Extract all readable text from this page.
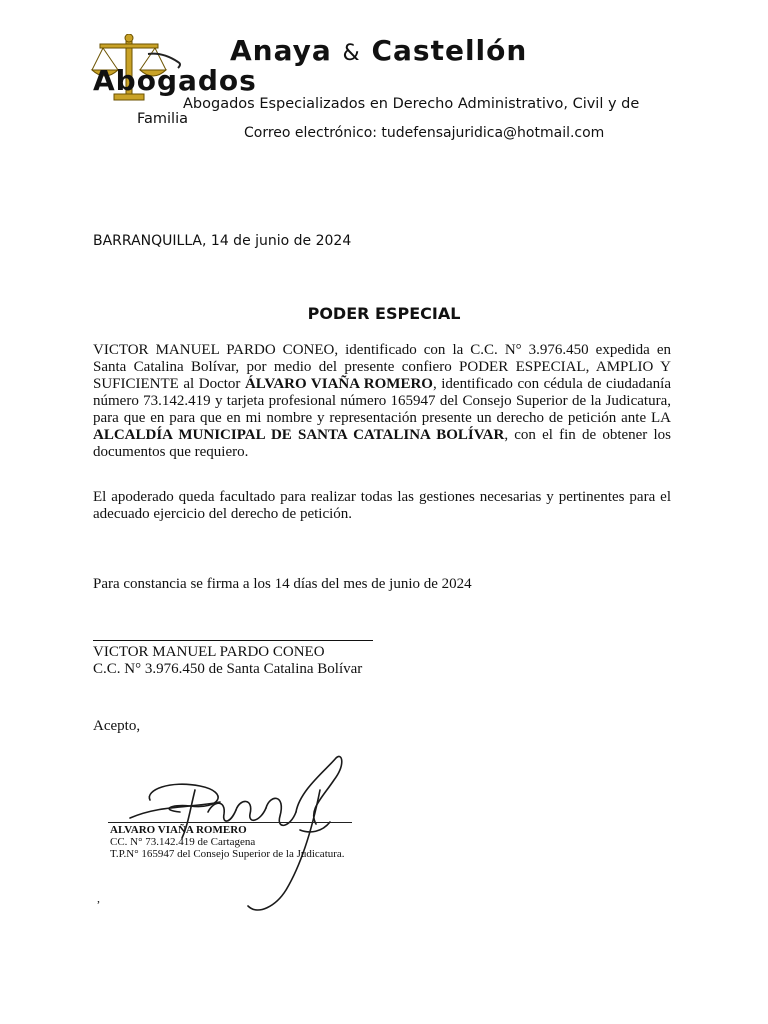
Anaya & Castellón
Abogados
Abogados Especializados en Derecho Administrativo, Civil y de
Familia
Correo electrónico: tudefensajuridica@hotmail.com
BARRANQUILLA, 14 de junio de 2024
PODER ESPECIAL
VICTOR MANUEL PARDO CONEO, identificado con la C.C. N° 3.976.450 expedida en Santa Catalina Bolívar, por medio del presente confiero PODER ESPECIAL, AMPLIO Y SUFICIENTE al Doctor ÁLVARO VIAÑA ROMERO, identificado con cédula de ciudadanía número 73.142.419 y tarjeta profesional número 165947 del Consejo Superior de la Judicatura, para que en para que en mi nombre y representación presente un derecho de petición ante LA ALCALDÍA MUNICIPAL DE SANTA CATALINA BOLÍVAR, con el fin de obtener los documentos que requiero.
El apoderado queda facultado para realizar todas las gestiones necesarias y pertinentes para el adecuado ejercicio del derecho de petición.
Para constancia se firma a los 14 días del mes de junio de 2024
VICTOR MANUEL PARDO CONEO
C.C. N° 3.976.450 de Santa Catalina Bolívar
Acepto,
ALVARO VIAÑA ROMERO
CC. N° 73.142.419 de Cartagena
T.P.N° 165947 del Consejo Superior de la Judicatura.
,
